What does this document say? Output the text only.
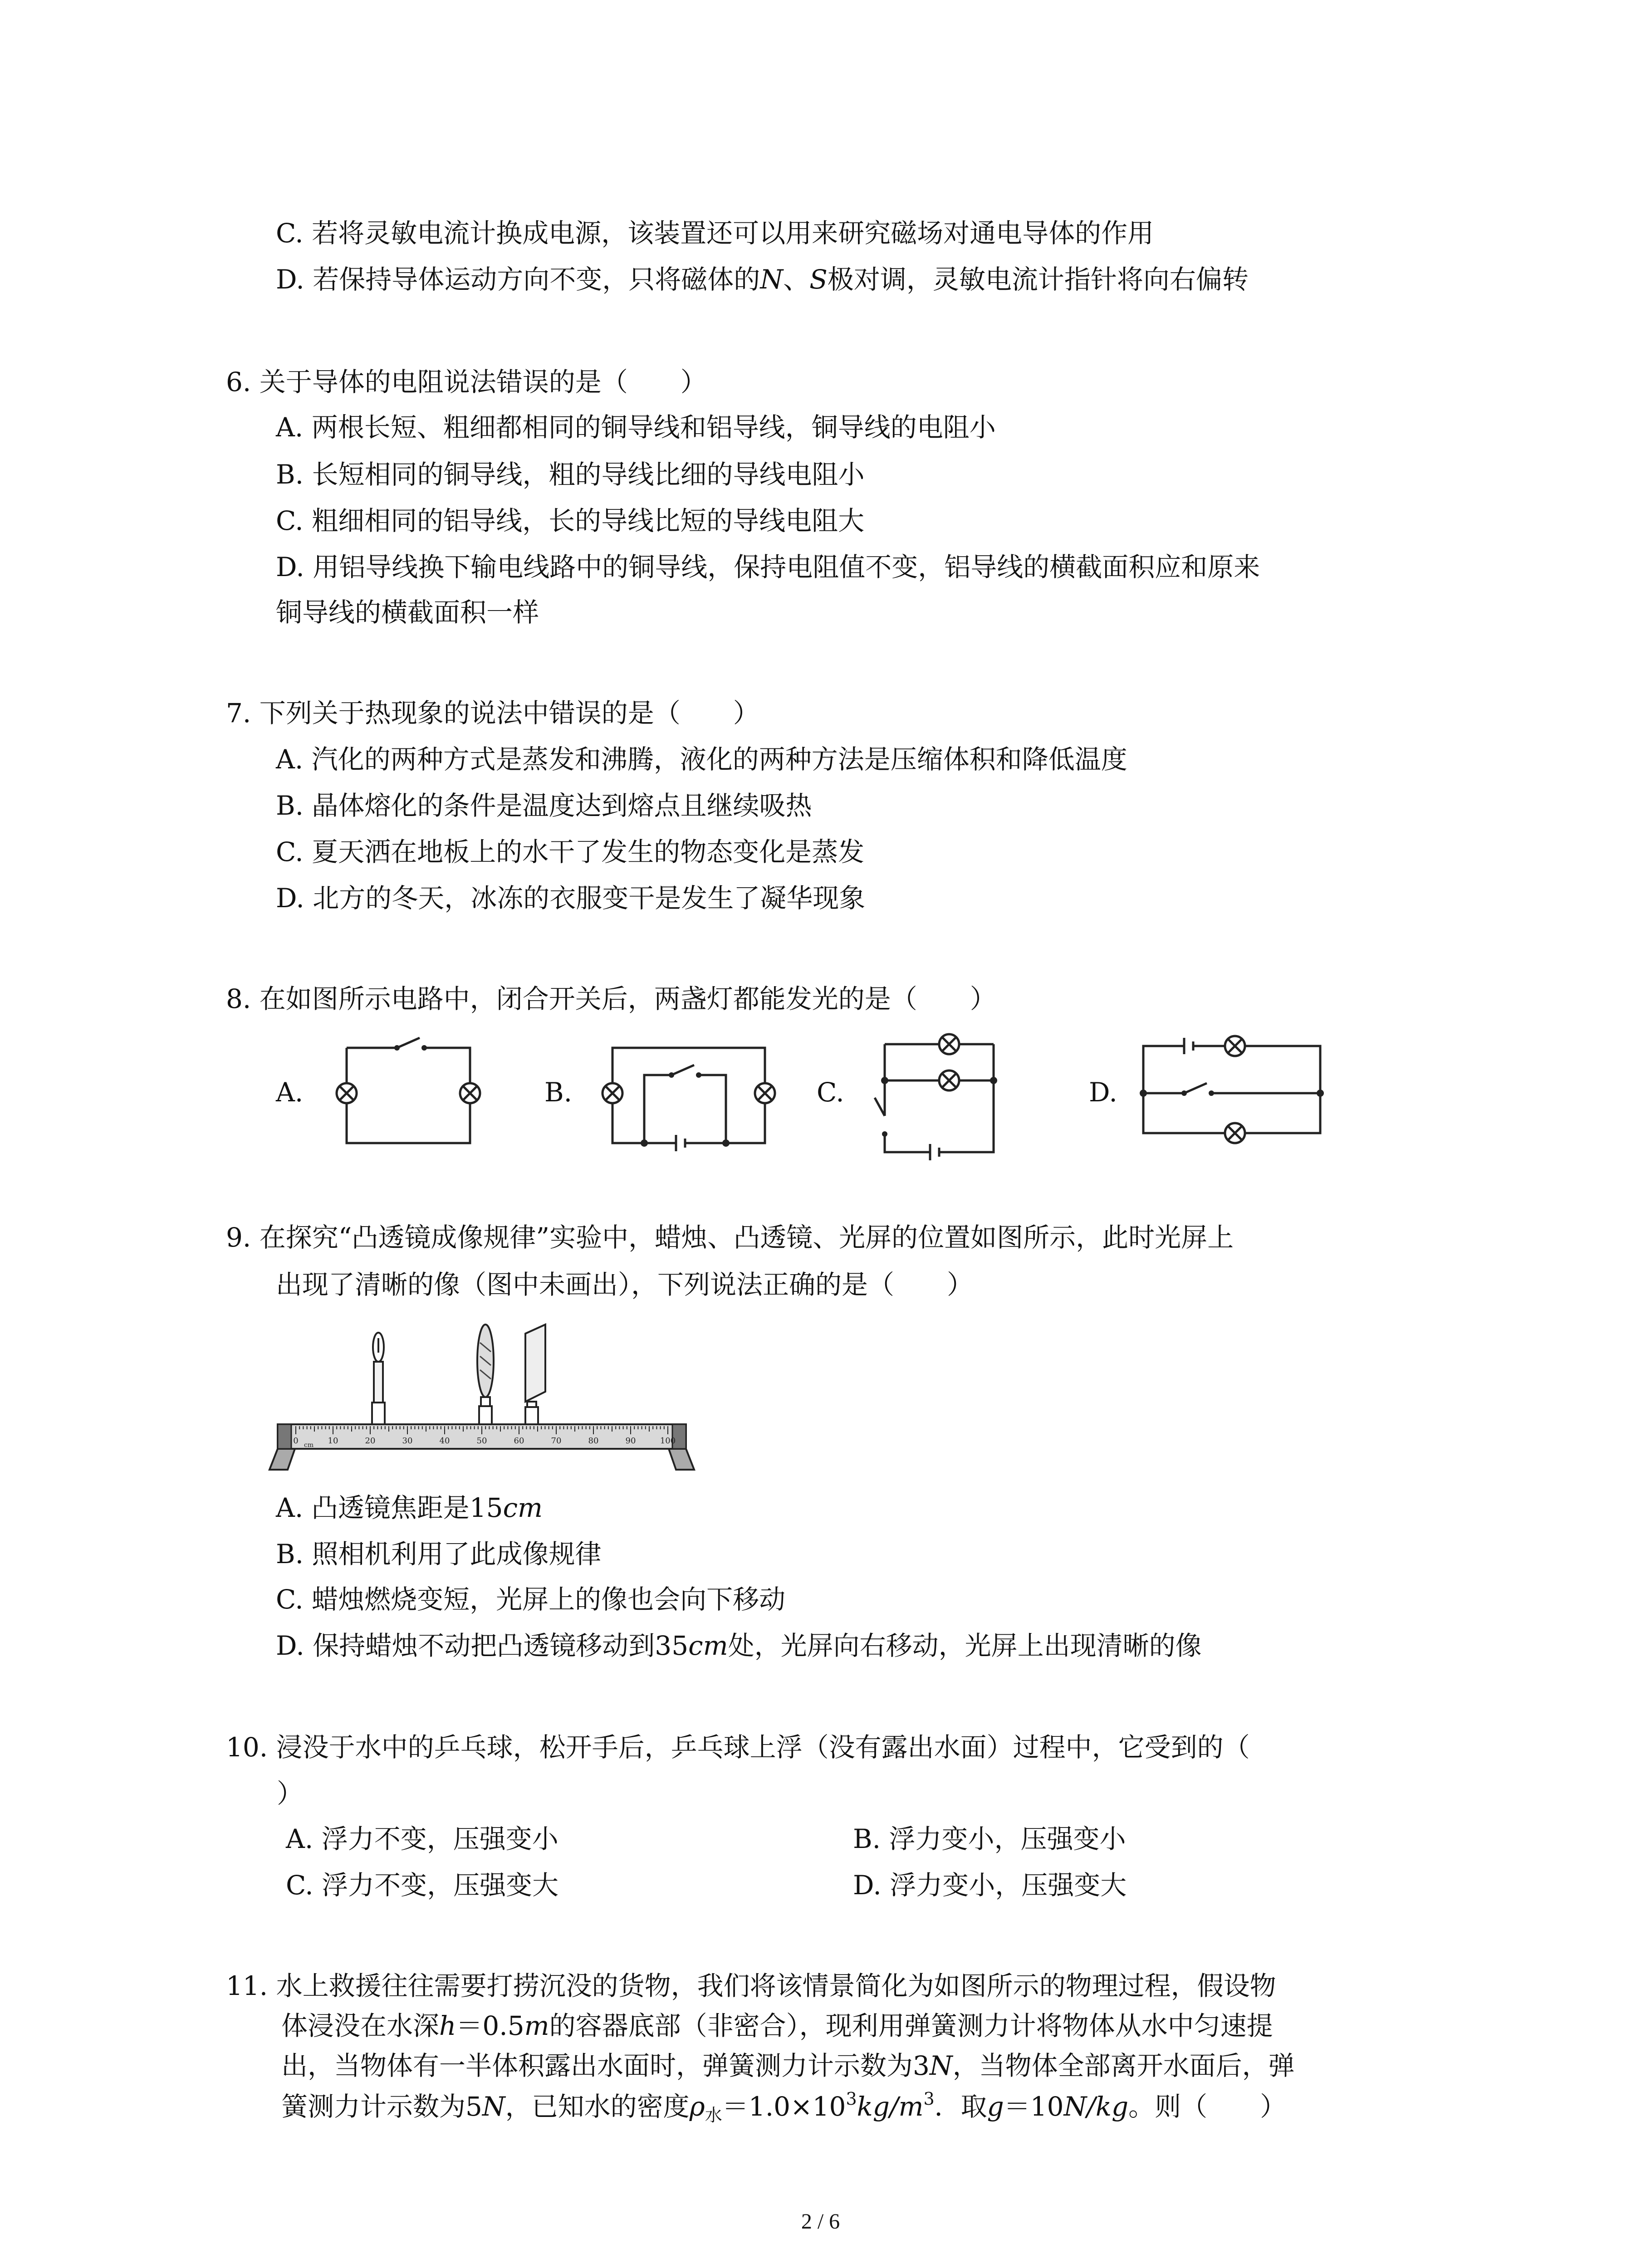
C. 若将灵敏电流计换成电源，该装置还可以用来研究磁场对通电导体的作用
D. 若保持导体运动方向不变，只将磁体的N、S极对调，灵敏电流计指针将向右偏转
6. 关于导体的电阻说法错误的是（　　）
A. 两根长短、粗细都相同的铜导线和铝导线，铜导线的电阻小
B. 长短相同的铜导线，粗的导线比细的导线电阻小
C. 粗细相同的铝导线，长的导线比短的导线电阻大
D. 用铝导线换下输电线路中的铜导线，保持电阻值不变，铝导线的横截面积应和原来
铜导线的横截面积一样
7. 下列关于热现象的说法中错误的是（　　）
A. 汽化的两种方式是蒸发和沸腾，液化的两种方法是压缩体积和降低温度
B. 晶体熔化的条件是温度达到熔点且继续吸热
C. 夏天洒在地板上的水干了发生的物态变化是蒸发
D. 北方的冬天，冰冻的衣服变干是发生了凝华现象
8. 在如图所示电路中，闭合开关后，两盏灯都能发光的是（　　）
A.	B.	C.	D.
9. 在探究“凸透镜成像规律”实验中，蜡烛、凸透镜、光屏的位置如图所示，此时光屏上
出现了清晰的像（图中未画出），下列说法正确的是（　　）
0	10	20	30	40	50	60	70	80	90	100
cm
A. 凸透镜焦距是15cm
B. 照相机利用了此成像规律
C. 蜡烛燃烧变短，光屏上的像也会向下移动
D. 保持蜡烛不动把凸透镜移动到35cm处，光屏向右移动，光屏上出现清晰的像
10. 浸没于水中的乒乓球，松开手后，乒乓球上浮（没有露出水面）过程中，它受到的（
）
A. 浮力不变，压强变小	B. 浮力变小，压强变小
C. 浮力不变，压强变大	D. 浮力变小，压强变大
11. 水上救援往往需要打捞沉没的货物，我们将该情景简化为如图所示的物理过程，假设物
体浸没在水深h＝0.5m的容器底部（非密合），现利用弹簧测力计将物体从水中匀速提
出，当物体有一半体积露出水面时，弹簧测力计示数为3N，当物体全部离开水面后，弹
簧测力计示数为5N，已知水的密度$\rho_水=1.0\times 10^3kg/m^3$．取g＝10N/kg。则（　　）
2 / 6
